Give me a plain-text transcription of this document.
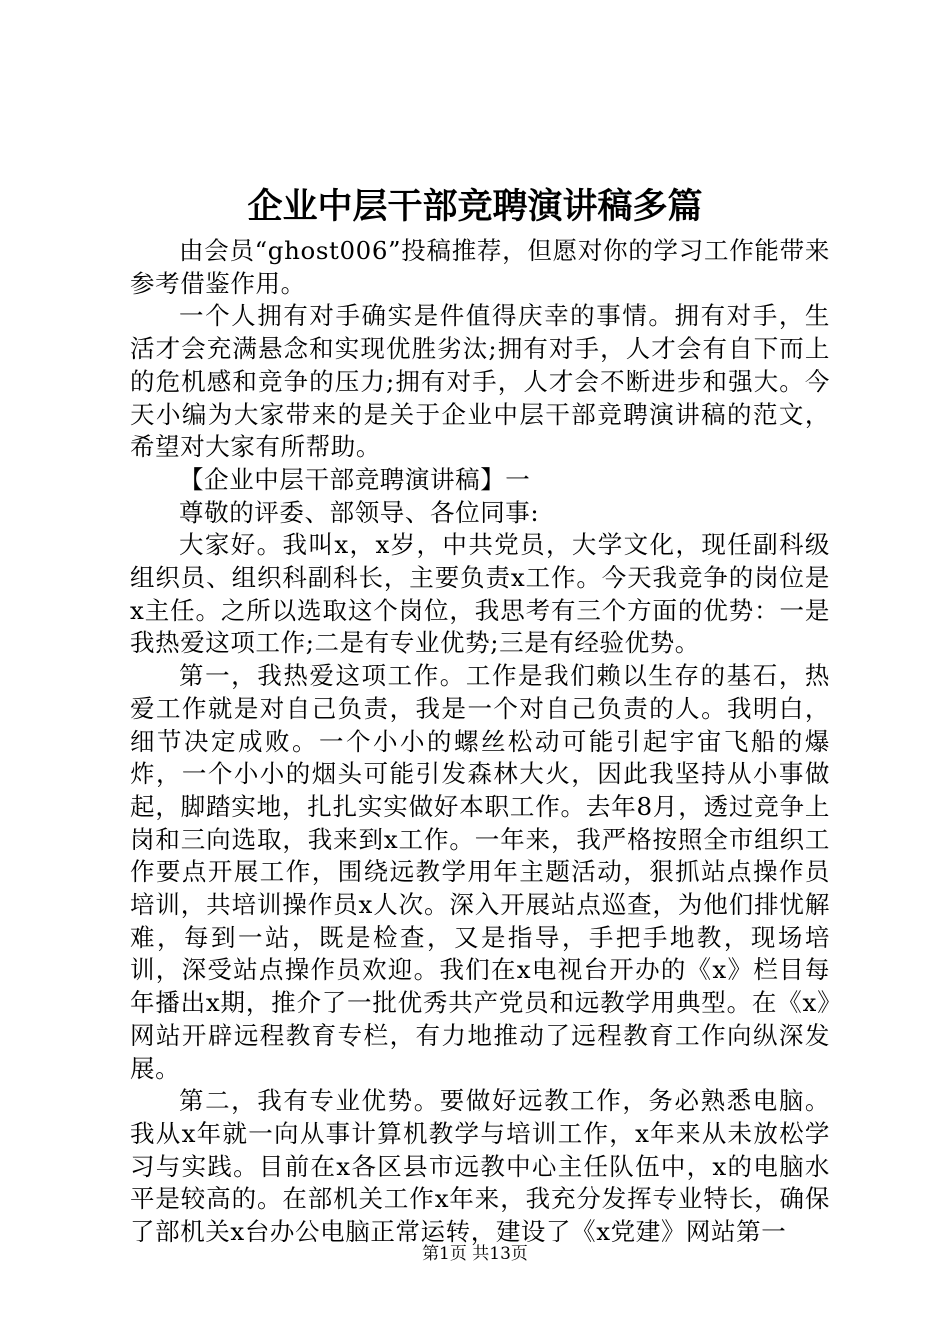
企业中层干部竞聘演讲稿多篇

由会员“ghost006”投稿推荐，但愿对你的学习工作能带来参考借鉴作用。

一个人拥有对手确实是件值得庆幸的事情。拥有对手，生活才会充满悬念和实现优胜劣汰;拥有对手，人才会有自下而上的危机感和竞争的压力;拥有对手，人才会不断进步和强大。今天小编为大家带来的是关于企业中层干部竞聘演讲稿的范文，希望对大家有所帮助。

【企业中层干部竞聘演讲稿】一

尊敬的评委、部领导、各位同事:

大家好。我叫x，x岁，中共党员，大学文化，现任副科级组织员、组织科副科长，主要负责x工作。今天我竞争的岗位是x主任。之所以选取这个岗位，我思考有三个方面的优势：一是我热爱这项工作;二是有专业优势;三是有经验优势。

第一，我热爱这项工作。工作是我们赖以生存的基石，热爱工作就是对自己负责，我是一个对自己负责的人。我明白，细节决定成败。一个小小的螺丝松动可能引起宇宙飞船的爆炸，一个小小的烟头可能引发森林大火，因此我坚持从小事做起，脚踏实地，扎扎实实做好本职工作。去年8月，透过竞争上岗和三向选取，我来到x工作。一年来，我严格按照全市组织工作要点开展工作，围绕远教学用年主题活动，狠抓站点操作员培训，共培训操作员x人次。深入开展站点巡查，为他们排忧解难，每到一站，既是检查，又是指导，手把手地教，现场培训，深受站点操作员欢迎。我们在x电视台开办的《x》栏目每年播出x期，推介了一批优秀共产党员和远教学用典型。在《x》网站开辟远程教育专栏，有力地推动了远程教育工作向纵深发展。

第二，我有专业优势。要做好远教工作，务必熟悉电脑。我从x年就一向从事计算机教学与培训工作，x年来从未放松学习与实践。目前在x各区县市远教中心主任队伍中，x的电脑水平是较高的。在部机关工作x年来，我充分发挥专业特长，确保了部机关x台办公电脑正常运转，建设了《x党建》网站第一

第1页 共13页
